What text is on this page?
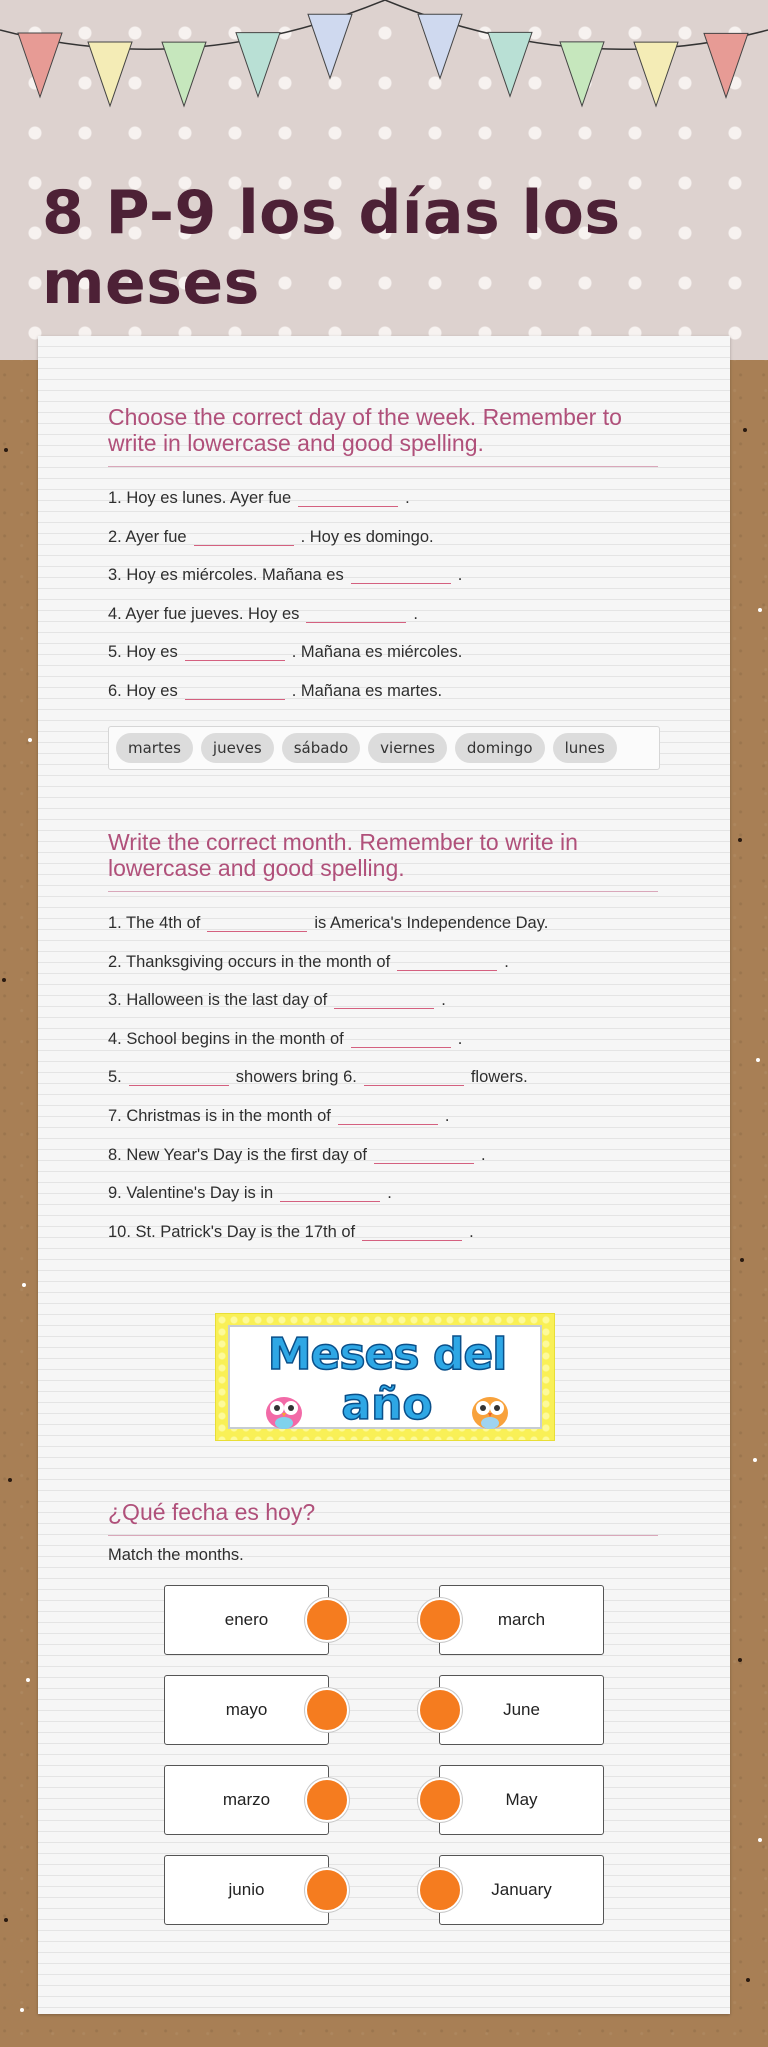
8 P-9 los días los meses
Choose the correct day of the week. Remember to write in lowercase and good spelling.
1. Hoy es lunes. Ayer fue	.
2. Ayer fue	. Hoy es domingo.
3. Hoy es miércoles. Mañana es	.
4. Ayer fue jueves. Hoy es	.
5. Hoy es	. Mañana es miércoles.
6. Hoy es	. Mañana es martes.
martes	jueves	sábado	viernes	domingo	lunes
Write the correct month. Remember to write in lowercase and good spelling.
1. The 4th of	is America's Independence Day.
2. Thanksgiving occurs in the month of	.
3. Halloween is the last day of	.
4. School begins in the month of	.
5.	showers bring 6.	flowers.
7. Christmas is in the month of	.
8. New Year's Day is the first day of	.
9. Valentine's Day is in	.
10. St. Patrick's Day is the 17th of	.
Meses del
año
¿Qué fecha es hoy?
Match the months.
enero
mayo
marzo
junio
march
June
May
January
